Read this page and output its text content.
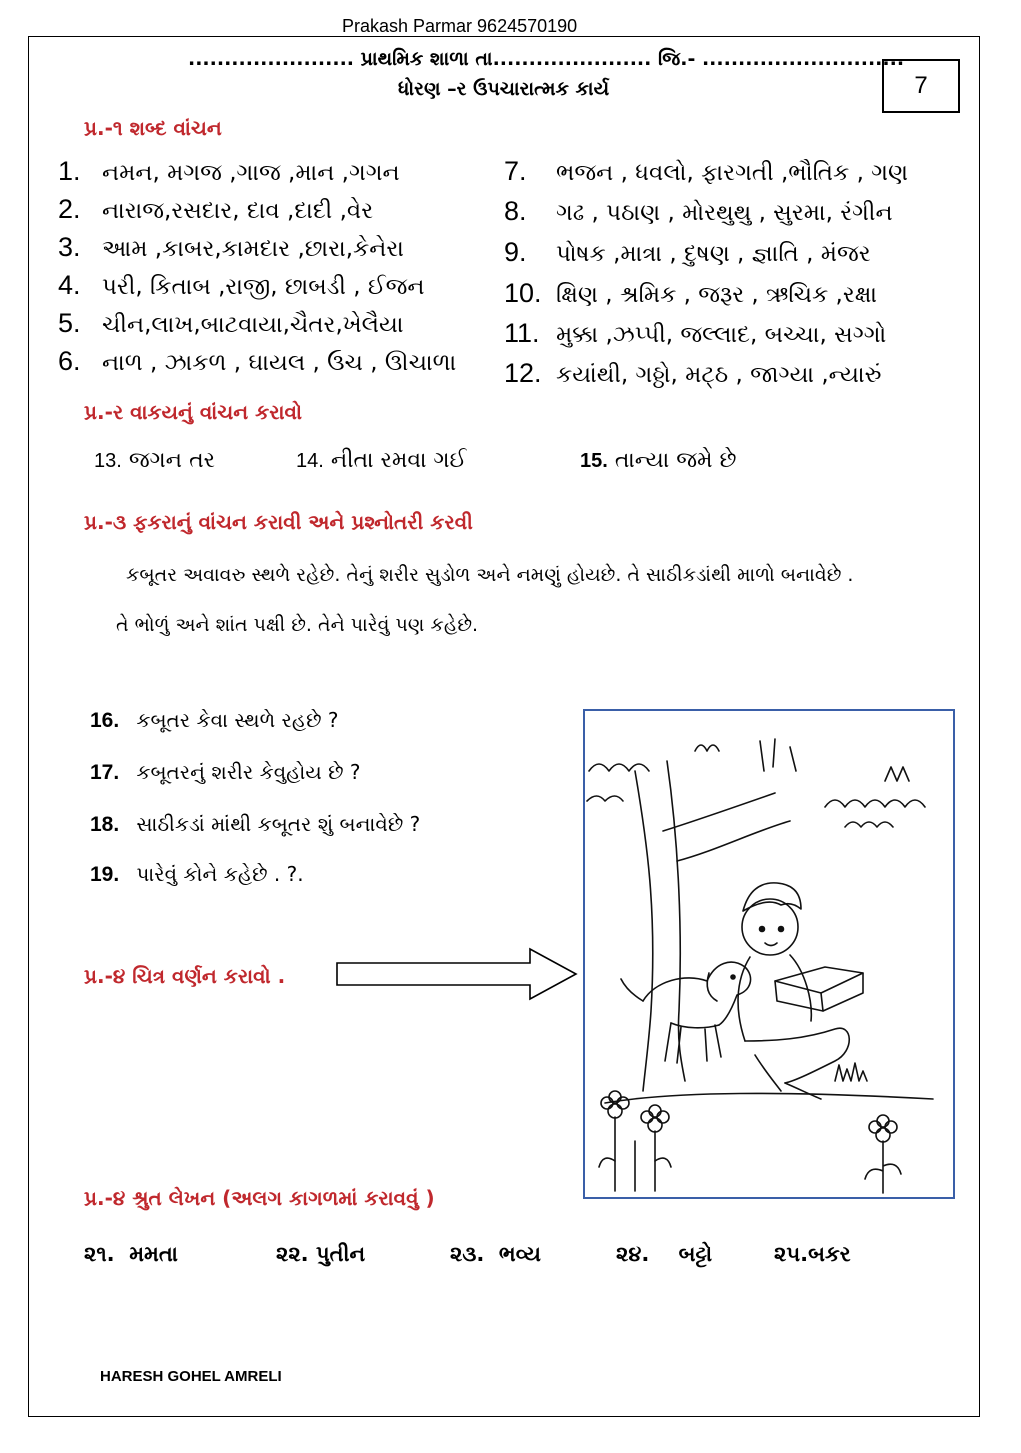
Prakash Parmar 9624570190
....................... પ્રાથમિક શાળા તા...................... જિ.- ............................
ધોરણ –ર ઉપચારાત્મક કાર્ય	7
પ્ર.-૧ શબ્દ વાંચન
1. નમન, મગજ ,ગાજ ,માન ,ગગન
2. નારાજ,રસદાર, દાવ ,દાદી ,વેર
3. આમ ,કાબર,કામદાર ,છારા,કેનેરા
4. પરી, કિતાબ ,રાજી, છાબડી , ઈજન
5. ચીન,લાખ,બાટવાયા,ચૈતર,ખેલૈયા
6. નાળ , ઝાકળ , ઘાયલ , ઉચ , ઊચાળા
7. ભજન , ધવલો, ફારગતી ,ભૌતિક , ગણ
8. ગઢ , પઠાણ , મોરથુથુ , સુરમા, રંગીન
9. પોષક ,માત્રા , દુષણ , જ્ઞાતિ , મંજર
10. ક્ષિણ , શ્રમિક , જરૂર , ઋચિક ,રક્ષા
11. મુક્કા ,ઝપ્પી, જલ્લાદ, બચ્ચા, સગ્ગો
12. કયાંથી, ગઠ્ઠો, મટ્ઠ , જાગ્યા ,ન્યારું
પ્ર.-ર વાકયનું વાંચન કરાવો
13. જગન તર	14. નીતા રમવા ગઈ	15. તાન્યા જમે છે
પ્ર.-૩ ફકરાનું વાંચન કરાવી અને પ્રશ્નોતરી કરવી
કબૂતર અવાવરુ સ્થળે રહેછે. તેનું શરીર સુડોળ અને નમણું હોયછે. તે સાઠીકડાંથી માળો બનાવેછે .
તે ભોળું અને શાંત પક્ષી છે. તેને પારેવું પણ કહેછે.
16. કબૂતર કેવા સ્થળે રહછે ?
17. કબૂતરનું શરીર કેવુહોય છે ?
18. સાઠીકડાં માંથી કબૂતર શું બનાવેછે ?
19. પારેવું કોને કહેછે . ?.
પ્ર.-૪ ચિત્ર વર્ણન કરાવો .
પ્ર.-૪ શ્રુત લેખન (અલગ કાગળમાં કરાવવું )
૨૧. મમતા	૨૨. પુતીન	૨૩. ભવ્ય	૨૪. બટ્ટો	૨૫.બકર
HARESH GOHEL AMRELI
